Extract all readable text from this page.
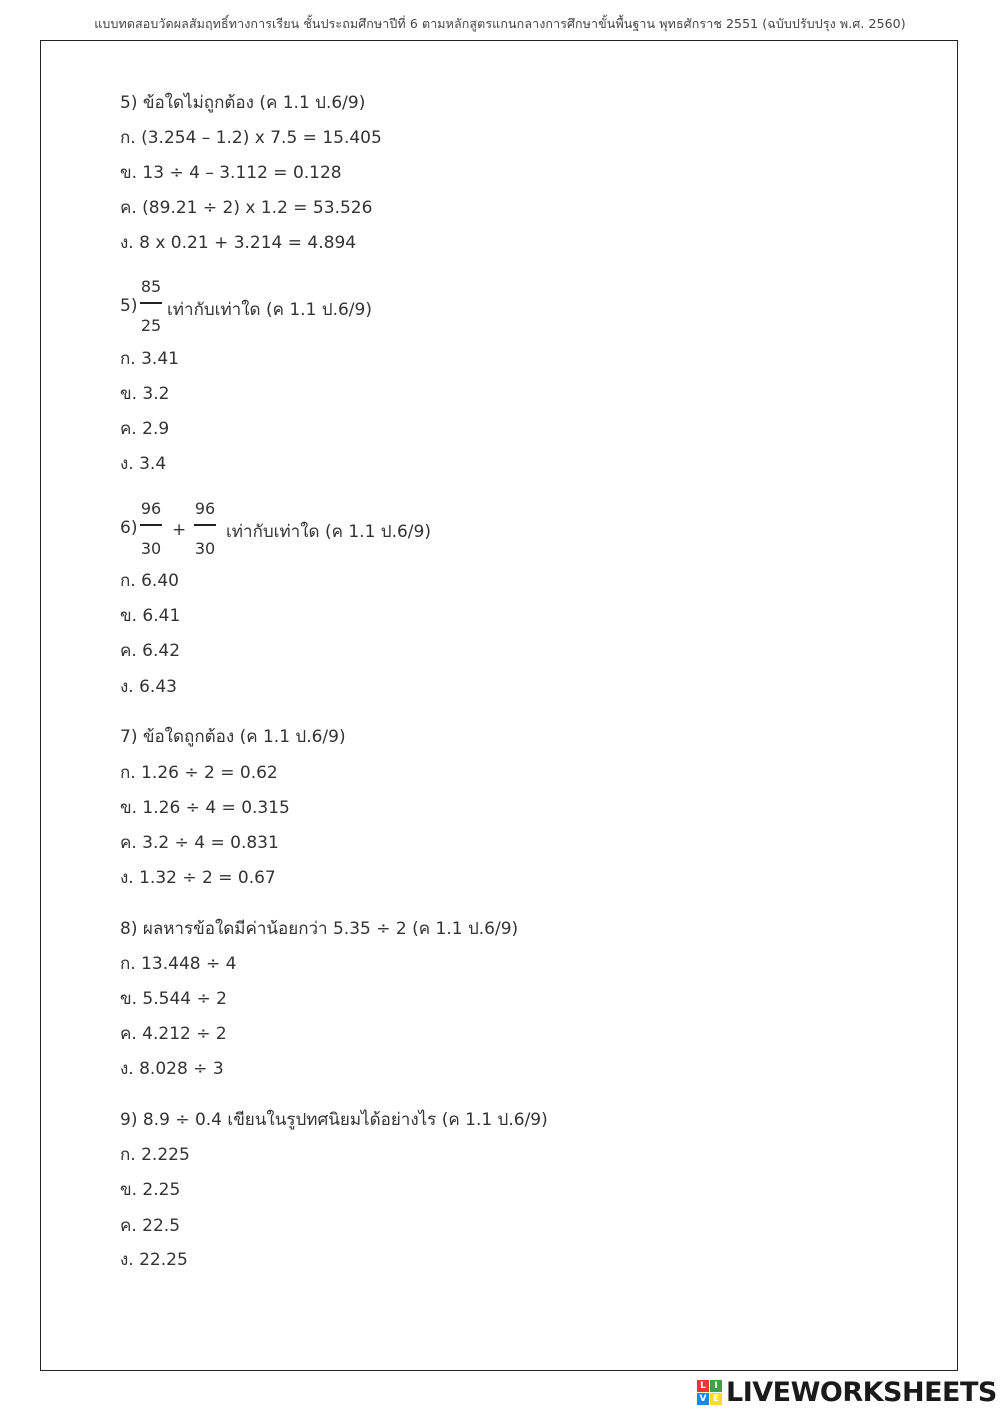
แบบทดสอบวัดผลสัมฤทธิ์ทางการเรียน ชั้นประถมศึกษาปีที่ 6 ตามหลักสูตรแกนกลางการศึกษาขั้นพื้นฐาน พุทธศักราช 2551 (ฉบับปรับปรุง พ.ศ. 2560)
5) ข้อใดไม่ถูกต้อง (ค 1.1 ป.6/9)
ก. (3.254 – 1.2) x 7.5 = 15.405
ข. 13 ÷ 4 – 3.112 = 0.128
ค. (89.21 ÷ 2) x 1.2 = 53.526
ง. 8 x 0.21 + 3.214 = 4.894
5)
85
25
เท่ากับเท่าใด (ค 1.1 ป.6/9)
ก. 3.41
ข. 3.2
ค. 2.9
ง. 3.4
6)
96
30
+
96
30
เท่ากับเท่าใด (ค 1.1 ป.6/9)
ก. 6.40
ข. 6.41
ค. 6.42
ง. 6.43
7) ข้อใดถูกต้อง (ค 1.1 ป.6/9)
ก. 1.26 ÷ 2 = 0.62
ข. 1.26 ÷ 4 = 0.315
ค. 3.2 ÷ 4 = 0.831
ง. 1.32 ÷ 2 = 0.67
8) ผลหารข้อใดมีค่าน้อยกว่า 5.35 ÷ 2 (ค 1.1 ป.6/9)
ก. 13.448 ÷ 4
ข. 5.544 ÷ 2
ค. 4.212 ÷ 2
ง. 8.028 ÷ 3
9) 8.9 ÷ 0.4 เขียนในรูปทศนิยมได้อย่างไร (ค 1.1 ป.6/9)
ก. 2.225
ข. 2.25
ค. 22.5
ง. 22.25
L I
V E LIVEWORKSHEETS
